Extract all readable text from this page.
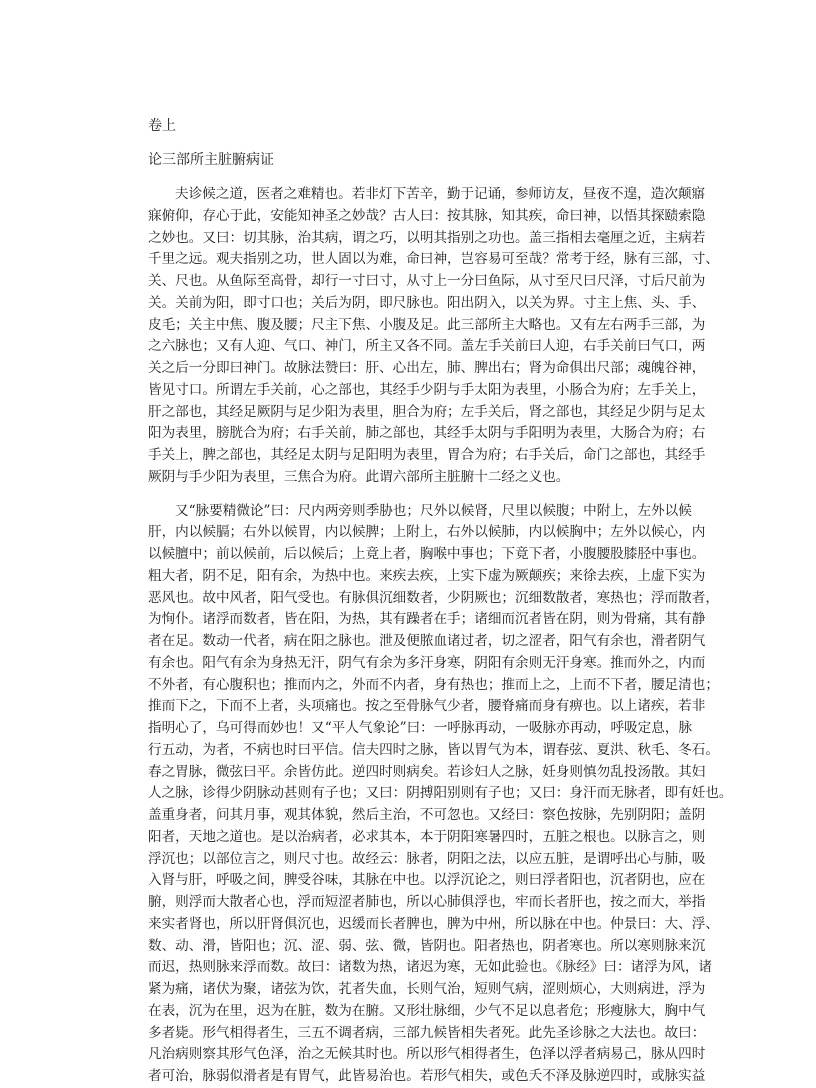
卷上
论三部所主脏腑病证
夫诊候之道，医者之难精也。若非灯下苦辛，勤于记诵，参师访友，昼夜不遑，造次颠寤
寐俯仰，存心于此，安能知神圣之妙哉？古人曰：按其脉，知其疾，命曰神，以悟其探赜索隐
之妙也。又曰：切其脉，治其病，谓之巧，以明其指别之功也。盖三指相去毫厘之近，主病若
千里之远。观夫指别之功，世人固以为难，命曰神，岂容易可至哉？常考于经，脉有三部，寸、
关、尺也。从鱼际至高骨，却行一寸曰寸，从寸上一分曰鱼际，从寸至尺曰尺泽，寸后尺前为
关。关前为阳，即寸口也；关后为阴，即尺脉也。阳出阴入，以关为界。寸主上焦、头、手、
皮毛；关主中焦、腹及腰；尺主下焦、小腹及足。此三部所主大略也。又有左右两手三部，为
之六脉也；又有人迎、气口、神门，所主又各不同。盖左手关前曰人迎，右手关前曰气口，两
关之后一分即曰神门。故脉法赞曰：肝、心出左，肺、脾出右；肾为命俱出尺部；魂魄谷神，
皆见寸口。所谓左手关前，心之部也，其经手少阴与手太阳为表里，小肠合为府；左手关上，
肝之部也，其经足厥阴与足少阳为表里，胆合为府；左手关后，肾之部也，其经足少阴与足太
阳为表里，膀胱合为府；右手关前，肺之部也，其经手太阴与手阳明为表里，大肠合为府；右
手关上，脾之部也，其经足太阴与足阳明为表里，胃合为府；右手关后，命门之部也，其经手
厥阴与手少阳为表里，三焦合为府。此谓六部所主脏腑十二经之义也。
又“脉要精微论”曰：尺内两旁则季胁也；尺外以候肾，尺里以候腹；中附上，左外以候
肝，内以候膈；右外以候胃，内以候脾；上附上，右外以候肺，内以候胸中；左外以候心，内
以候膻中；前以候前，后以候后；上竟上者，胸喉中事也；下竟下者，小腹腰股膝胫中事也。
粗大者，阴不足，阳有余，为热中也。来疾去疾，上实下虚为厥颠疾；来徐去疾，上虚下实为
恶风也。故中风者，阳气受也。有脉俱沉细数者，少阴厥也；沉细数散者，寒热也；浮而散者，
为恂仆。诸浮而数者，皆在阳，为热，其有躁者在手；诸细而沉者皆在阴，则为骨痛，其有静
者在足。数动一代者，病在阳之脉也。泄及便脓血诸过者，切之涩者，阳气有余也，滑者阴气
有余也。阳气有余为身热无汗，阴气有余为多汗身寒，阴阳有余则无汗身寒。推而外之，内而
不外者，有心腹积也；推而内之，外而不内者，身有热也；推而上之，上而不下者，腰足清也；
推而下之，下而不上者，头项痛也。按之至骨脉气少者，腰脊痛而身有痹也。以上诸疾，若非
指明心了，乌可得而妙也！又“平人气象论”曰：一呼脉再动，一吸脉亦再动，呼吸定息，脉
行五动，为者，不病也时曰平信。信夫四时之脉，皆以胃气为本，谓春弦、夏洪、秋毛、冬石。
春之胃脉，微弦曰平。余皆仿此。逆四时则病矣。若诊妇人之脉，妊身则慎勿乱投汤散。其妇
人之脉，诊得少阴脉动甚则有子也；又曰：阴搏阳别则有子也；又曰：身汗而无脉者，即有妊也。
盖重身者，问其月事，观其体貌，然后主治，不可忽也。又经曰：察色按脉，先别阴阳；盖阴
阳者，天地之道也。是以治病者，必求其本，本于阴阳寒暑四时，五脏之根也。以脉言之，则
浮沉也；以部位言之，则尺寸也。故经云：脉者，阴阳之法，以应五脏，是谓呼出心与肺，吸
入肾与肝，呼吸之间，脾受谷味，其脉在中也。以浮沉论之，则曰浮者阳也，沉者阴也，应在
腑，则浮而大散者心也，浮而短涩者肺也，所以心肺俱浮也，牢而长者肝也，按之而大，举指
来实者肾也，所以肝肾俱沉也，迟缓而长者脾也，脾为中州，所以脉在中也。仲景曰：大、浮、
数、动、滑，皆阳也；沉、涩、弱、弦、微，皆阴也。阳者热也，阴者寒也。所以寒则脉来沉
而迟，热则脉来浮而数。故曰：诸数为热，诸迟为寒，无如此验也。《脉经》曰：诸浮为风，诸
紧为痛，诸伏为聚，诸弦为饮，芤者失血，长则气治，短则气病，涩则烦心，大则病进，浮为
在表，沉为在里，迟为在脏，数为在腑。又形壮脉细，少气不足以息者危；形瘦脉大，胸中气
多者毙。形气相得者生，三五不调者病，三部九候皆相失者死。此先圣诊脉之大法也。故曰：
凡治病则察其形气色泽，治之无候其时也。所以形气相得者生，色泽以浮者病易己，脉从四时
者可治，脉弱似滑者是有胃气，此皆易治也。若形气相失，或色夭不泽及脉逆四时，或脉实益
